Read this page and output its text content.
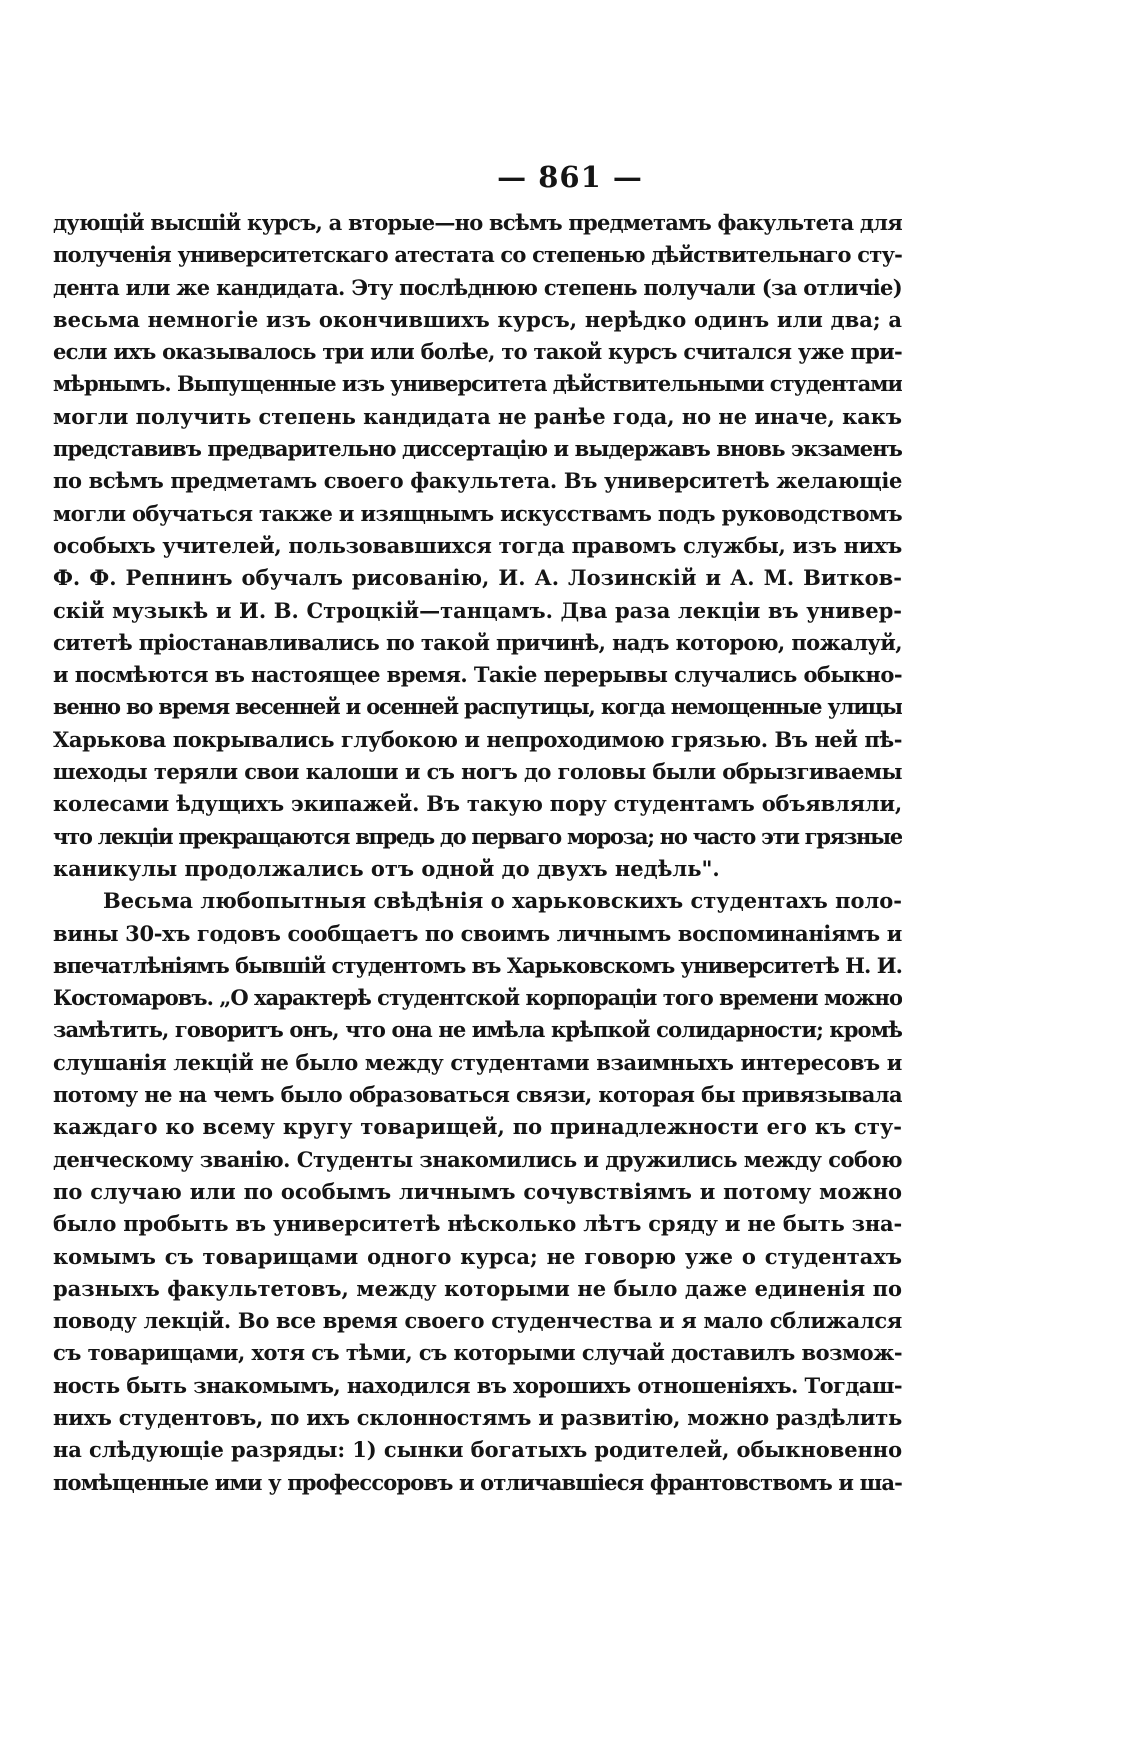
— 861 —
дующій высшій курсъ, а вторые—но всѣмъ предметамъ факультета для
полученія университетскаго атестата со степенью дѣйствительнаго сту-
дента или же кандидата. Эту послѣднюю степень получали (за отличіе)
весьма немногіе изъ окончившихъ курсъ, нерѣдко одинъ или два; а
если ихъ оказывалось три или болѣе, то такой курсъ считался уже при-
мѣрнымъ. Выпущенные изъ университета дѣйствительными студентами
могли получить степень кандидата не ранѣе года, но не иначе, какъ
представивъ предварительно диссертацію и выдержавъ вновь экзаменъ
по всѣмъ предметамъ своего факультета. Въ университетѣ желающіе
могли обучаться также и изящнымъ искусствамъ подъ руководствомъ
особыхъ учителей, пользовавшихся тогда правомъ службы, изъ нихъ
Ф. Ф. Репнинъ обучалъ рисованію, И. А. Лозинскій и А. М. Витков-
скій музыкѣ и И. В. Строцкій—танцамъ. Два раза лекціи въ универ-
ситетѣ пріостанавливались по такой причинѣ, надъ которою, пожалуй,
и посмѣются въ настоящее время. Такіе перерывы случались обыкно-
венно во время весенней и осенней распутицы, когда немощенные улицы
Харькова покрывались глубокою и непроходимою грязью. Въ ней пѣ-
шеходы теряли свои калоши и съ ногъ до головы были обрызгиваемы
колесами ѣдущихъ экипажей. Въ такую пору студентамъ объявляли,
что лекціи прекращаются впредь до перваго мороза; но часто эти грязные
каникулы продолжались отъ одной до двухъ недѣль".
Весьма любопытныя свѣдѣнія о харьковскихъ студентахъ поло-
вины 30-хъ годовъ сообщаетъ по своимъ личнымъ воспоминаніямъ и
впечатлѣніямъ бывшій студентомъ въ Харьковскомъ университетѣ Н. И.
Костомаровъ. „О характерѣ студентской корпораціи того времени можно
замѣтить, говоритъ онъ, что она не имѣла крѣпкой солидарности; кромѣ
слушанія лекцій не было между студентами взаимныхъ интересовъ и
потому не на чемъ было образоваться связи, которая бы привязывала
каждаго ко всему кругу товарищей, по принадлежности его къ сту-
денческому званію. Студенты знакомились и дружились между собою
по случаю или по особымъ личнымъ сочувствіямъ и потому можно
было пробыть въ университетѣ нѣсколько лѣтъ сряду и не быть зна-
комымъ съ товарищами одного курса; не говорю уже о студентахъ
разныхъ факультетовъ, между которыми не было даже единенія по
поводу лекцій. Во все время своего студенчества и я мало сближался
съ товарищами, хотя съ тѣми, съ которыми случай доставилъ возмож-
ность быть знакомымъ, находился въ хорошихъ отношеніяхъ. Тогдаш-
нихъ студентовъ, по ихъ склонностямъ и развитію, можно раздѣлить
на слѣдующіе разряды: 1) сынки богатыхъ родителей, обыкновенно
помѣщенные ими у профессоровъ и отличавшіеся франтовствомъ и ша-
